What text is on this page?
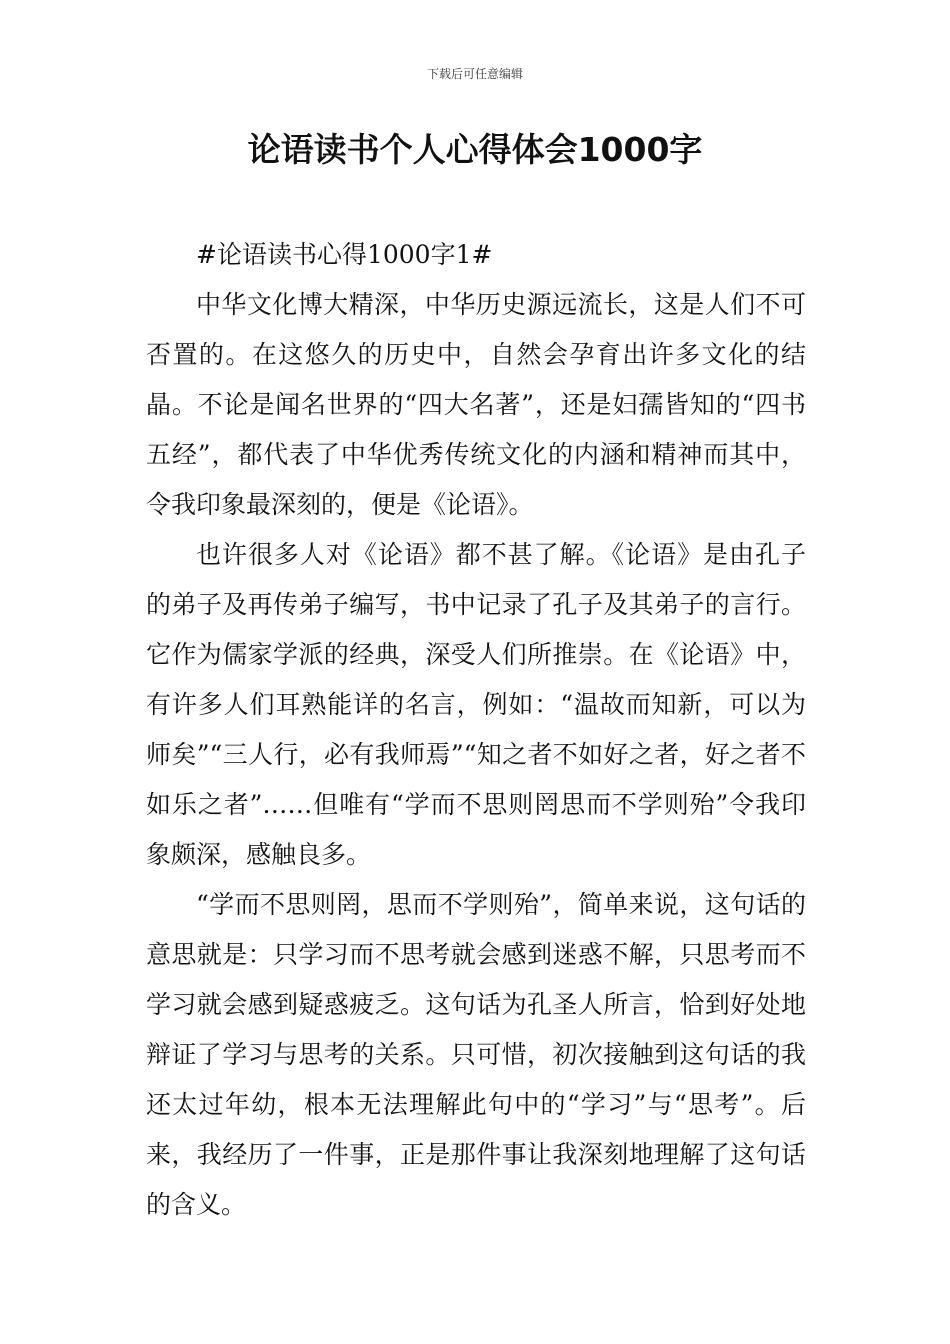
下载后可任意编辑
论语读书个人心得体会1000字

#论语读书心得1000字1#

中华文化博大精深，中华历史源远流长，这是人们不可否置的。在这悠久的历史中，自然会孕育出许多文化的结晶。不论是闻名世界的“四大名著”，还是妇孺皆知的“四书五经”，都代表了中华优秀传统文化的内涵和精神而其中，令我印象最深刻的，便是《论语》。

也许很多人对《论语》都不甚了解。《论语》是由孔子的弟子及再传弟子编写，书中记录了孔子及其弟子的言行。它作为儒家学派的经典，深受人们所推崇。在《论语》中，有许多人们耳熟能详的名言，例如：“温故而知新，可以为师矣”“三人行，必有我师焉”“知之者不如好之者，好之者不如乐之者”……但唯有“学而不思则罔思而不学则殆”令我印象颇深，感触良多。

“学而不思则罔，思而不学则殆”，简单来说，这句话的意思就是：只学习而不思考就会感到迷惑不解，只思考而不学习就会感到疑惑疲乏。这句话为孔圣人所言，恰到好处地辩证了学习与思考的关系。只可惜，初次接触到这句话的我还太过年幼，根本无法理解此句中的“学习”与“思考”。后来，我经历了一件事，正是那件事让我深刻地理解了这句话的含义。
